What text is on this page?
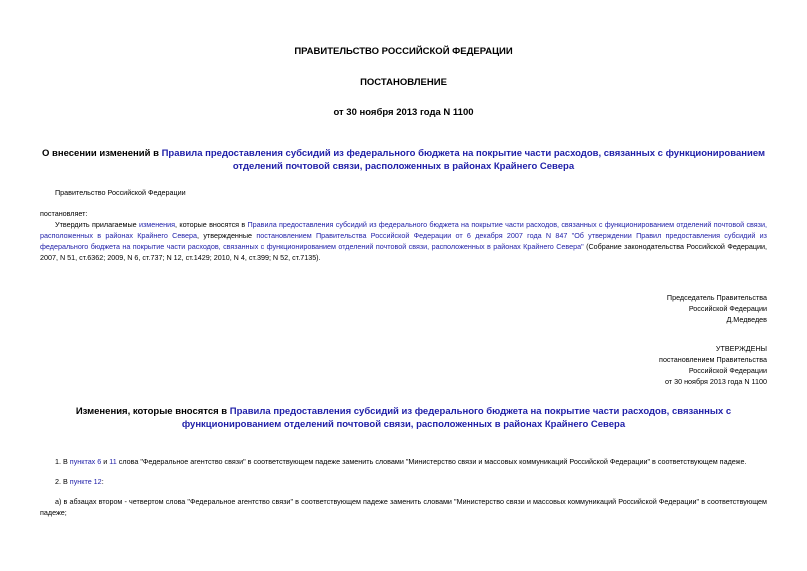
ПРАВИТЕЛЬСТВО РОССИЙСКОЙ ФЕДЕРАЦИИ
ПОСТАНОВЛЕНИЕ
от 30 ноября 2013 года N 1100
О внесении изменений в Правила предоставления субсидий из федерального бюджета на покрытие части расходов, связанных с функционированием отделений почтовой связи, расположенных в районах Крайнего Севера
Правительство Российской Федерации
постановляет:
Утвердить прилагаемые изменения, которые вносятся в Правила предоставления субсидий из федерального бюджета на покрытие части расходов, связанных с функционированием отделений почтовой связи, расположенных в районах Крайнего Севера, утвержденные постановлением Правительства Российской Федерации от 6 декабря 2007 года N 847 "Об утверждении Правил предоставления субсидий из федерального бюджета на покрытие части расходов, связанных с функционированием отделений почтовой связи, расположенных в районах Крайнего Севера" (Собрание законодательства Российской Федерации, 2007, N 51, ст.6362; 2009, N 6, ст.737; N 12, ст.1429; 2010, N 4, ст.399; N 52, ст.7135).
Председатель Правительства
Российской Федерации
Д.Медведев
УТВЕРЖДЕНЫ
постановлением Правительства
Российской Федерации
от 30 ноября 2013 года N 1100
Изменения, которые вносятся в Правила предоставления субсидий из федерального бюджета на покрытие части расходов, связанных с функционированием отделений почтовой связи, расположенных в районах Крайнего Севера
1. В пунктах 6 и 11 слова "Федеральное агентство связи" в соответствующем падеже заменить словами "Министерство связи и массовых коммуникаций Российской Федерации" в соответствующем падеже.
2. В пункте 12:
а) в абзацах втором - четвертом слова "Федеральное агентство связи" в соответствующем падеже заменить словами "Министерство связи и массовых коммуникаций Российской Федерации" в соответствующем падеже;
